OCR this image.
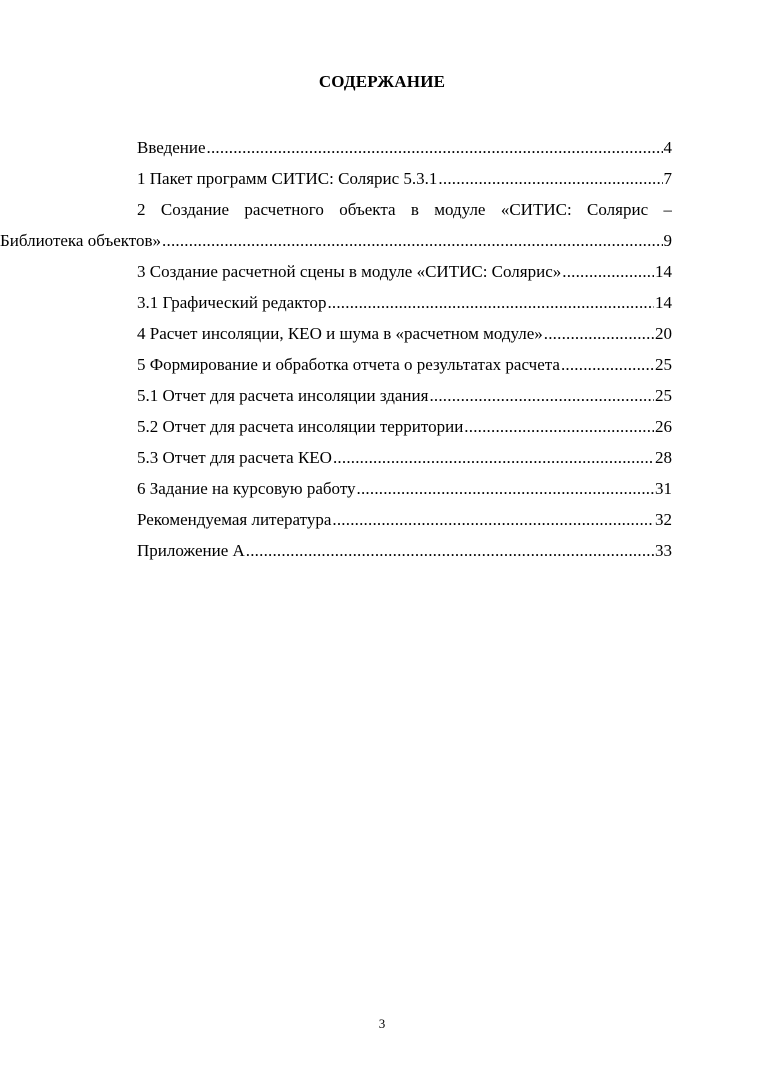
СОДЕРЖАНИЕ
Введение .....	4
1 Пакет программ СИТИС: Солярис 5.3.1 .....	7
2 Создание расчетного объекта в модуле «СИТИС: Солярис –
Библиотека объектов» .....	9
3 Создание расчетной сцены в модуле «СИТИС: Солярис» .....	14
3.1 Графический редактор .....	14
4 Расчет инсоляции, КЕО и шума в «расчетном модуле» .....	20
5 Формирование и обработка отчета о результатах расчета .....	25
5.1 Отчет для расчета инсоляции здания .....	25
5.2 Отчет для расчета инсоляции территории .....	26
5.3 Отчет для расчета КЕО .....	28
6 Задание на курсовую работу .....	31
Рекомендуемая литература .....	32
Приложение А .....	33
3
